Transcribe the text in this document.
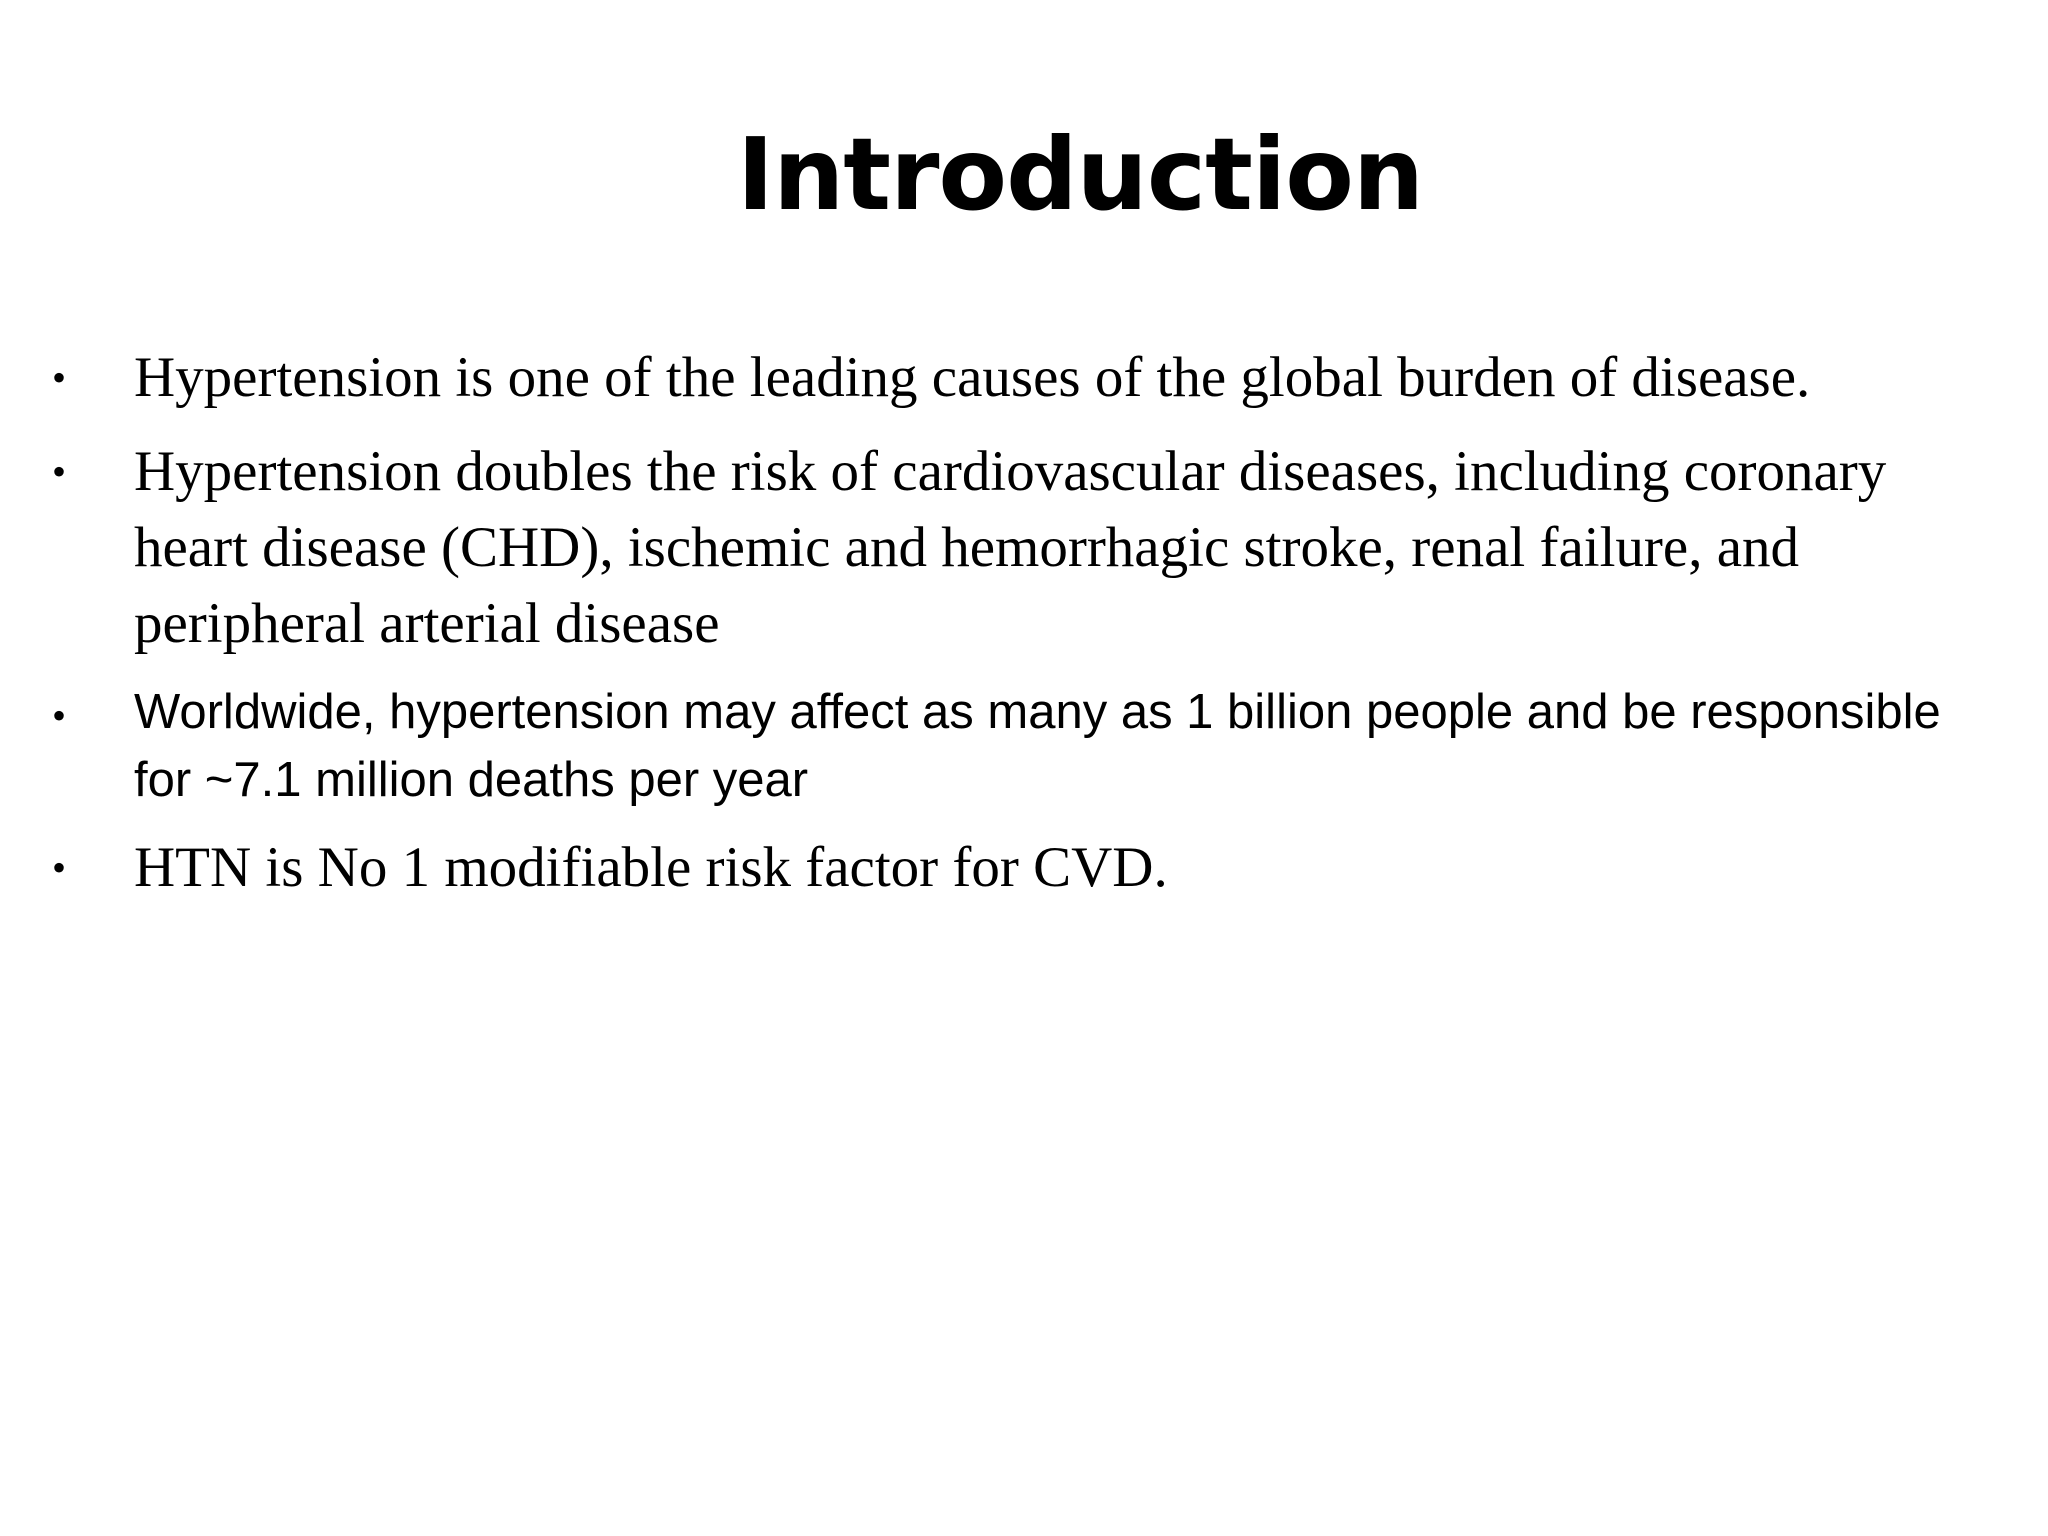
Introduction
• Hypertension is one of the leading causes of the global burden of disease.

• Hypertension doubles the risk of cardiovascular diseases, including coronary heart disease (CHD), ischemic and hemorrhagic stroke, renal failure, and peripheral arterial disease

• Worldwide, hypertension may affect as many as 1 billion people and be responsible for ~7.1 million deaths per year

• HTN is No 1 modifiable risk factor for CVD.
